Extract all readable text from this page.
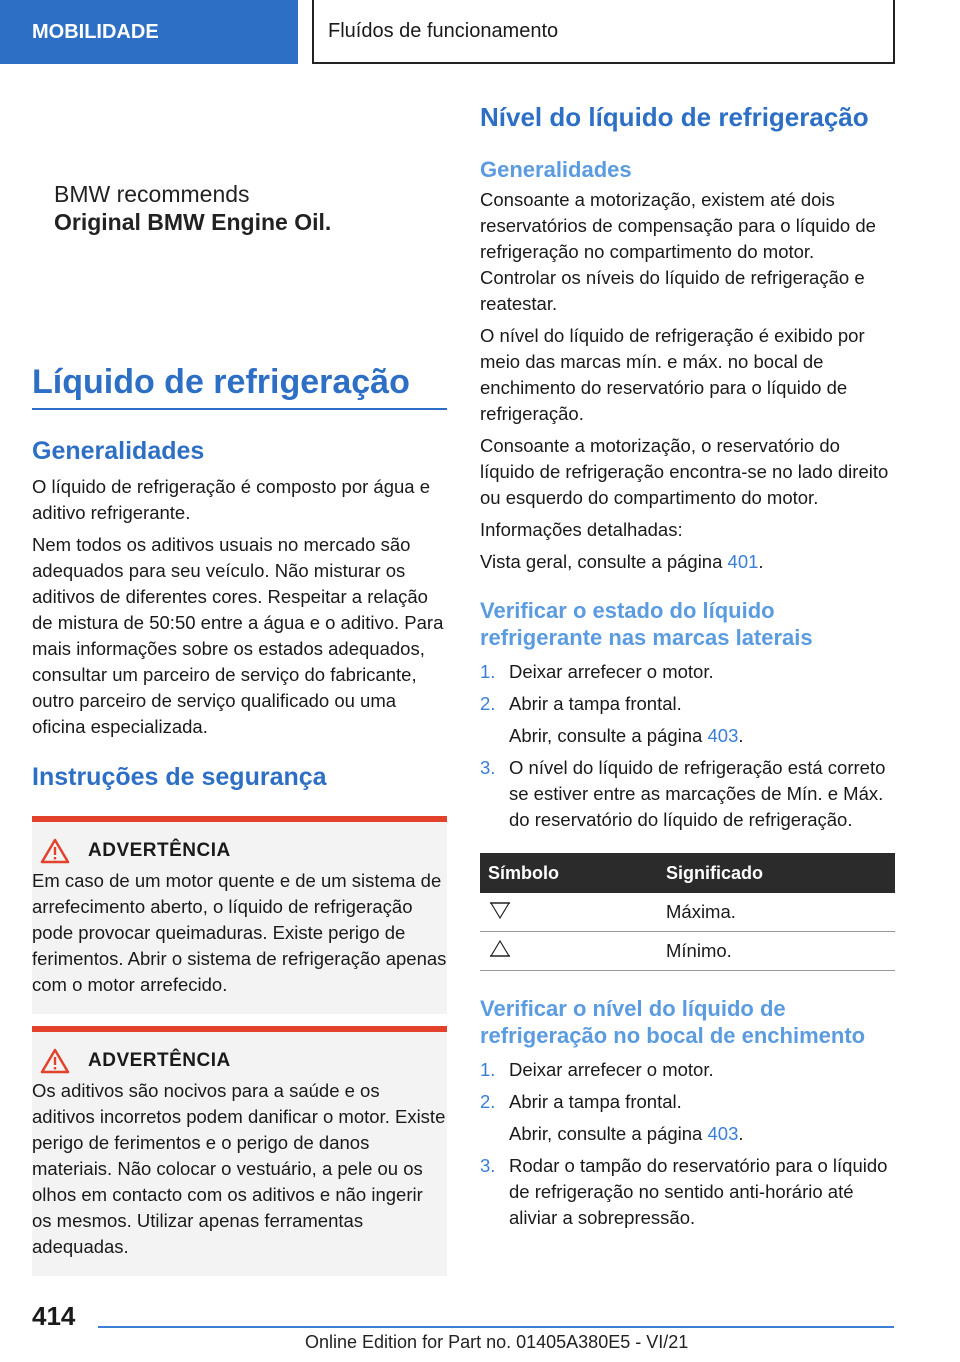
MOBILIDADE	Fluídos de funcionamento
BMW recommends
Original BMW Engine Oil.
Líquido de refrigeração
Generalidades

O líquido de refrigeração é composto por água e aditivo refrigerante.

Nem todos os aditivos usuais no mercado são adequados para seu veículo. Não misturar os aditivos de diferentes cores. Respeitar a relação de mistura de 50:50 entre a água e o aditivo. Para mais informações sobre os estados adequados, consultar um parceiro de serviço do fabricante, outro parceiro de serviço qualificado ou uma oficina especializada.

Instruções de segurança
ADVERTÊNCIA

Em caso de um motor quente e de um sistema de arrefecimento aberto, o líquido de refrigeração pode provocar queimaduras. Existe perigo de ferimentos. Abrir o sistema de refrigeração apenas com o motor arrefecido.

ADVERTÊNCIA

Os aditivos são nocivos para a saúde e os aditivos incorretos podem danificar o motor. Existe perigo de ferimentos e o perigo de danos materiais. Não colocar o vestuário, a pele ou os olhos em contacto com os aditivos e não ingerir os mesmos. Utilizar apenas ferramentas adequadas.

Nível do líquido de refrigeração
Generalidades

Consoante a motorização, existem até dois reservatórios de compensação para o líquido de refrigeração no compartimento do motor. Controlar os níveis do líquido de refrigeração e reatestar.

O nível do líquido de refrigeração é exibido por meio das marcas mín. e máx. no bocal de enchimento do reservatório para o líquido de refrigeração.

Consoante a motorização, o reservatório do líquido de refrigeração encontra-se no lado direito ou esquerdo do compartimento do motor.

Informações detalhadas:

Vista geral, consulte a página 401.

Verificar o estado do líquido refrigerante nas marcas laterais
1. Deixar arrefecer o motor.
2. Abrir a tampa frontal.
Abrir, consulte a página 403.
3. O nível do líquido de refrigeração está correto se estiver entre as marcações de Mín. e Máx. do reservatório do líquido de refrigeração.
Símbolo	Significado
	Máxima.
	Mínimo.
Verificar o nível do líquido de refrigeração no bocal de enchimento
1. Deixar arrefecer o motor.
2. Abrir a tampa frontal.
Abrir, consulte a página 403.
3. Rodar o tampão do reservatório para o líquido de refrigeração no sentido anti-horário até aliviar a sobrepressão.
414
Online Edition for Part no. 01405A380E5 - VI/21
